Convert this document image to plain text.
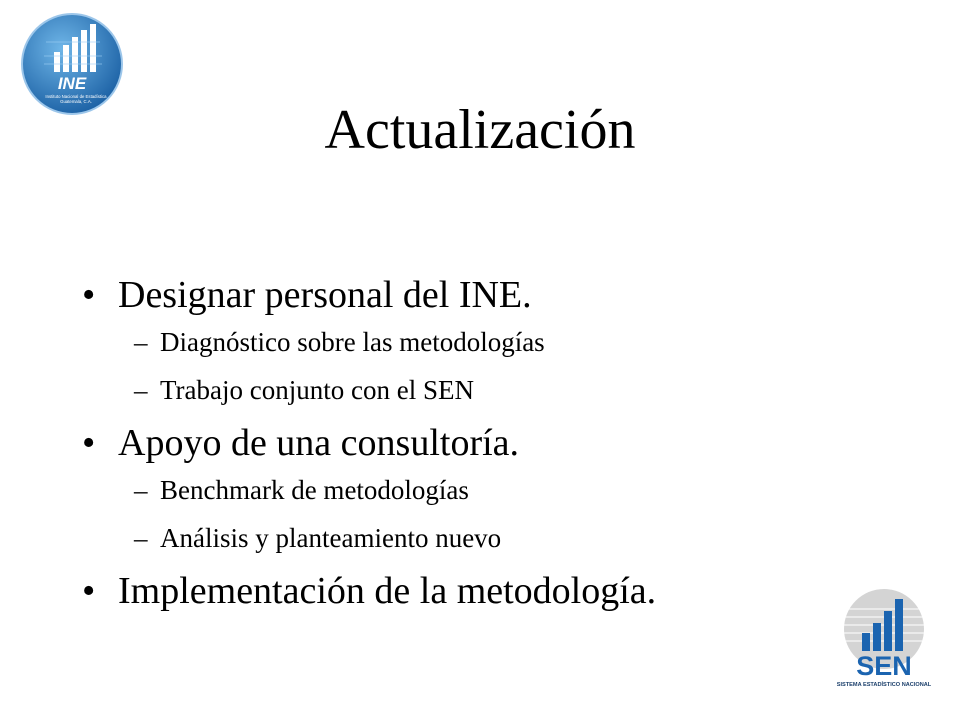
INE
Instituto Nacional de Estadística
Guatemala, C.A.	Actualización
• Designar personal del INE.
– Diagnóstico sobre las metodologías
– Trabajo conjunto con el SEN
• Apoyo de una consultoría.
– Benchmark de metodologías
– Análisis y planteamiento nuevo
• Implementación de la metodología.
SEN
SISTEMA ESTADÍSTICO NACIONAL
